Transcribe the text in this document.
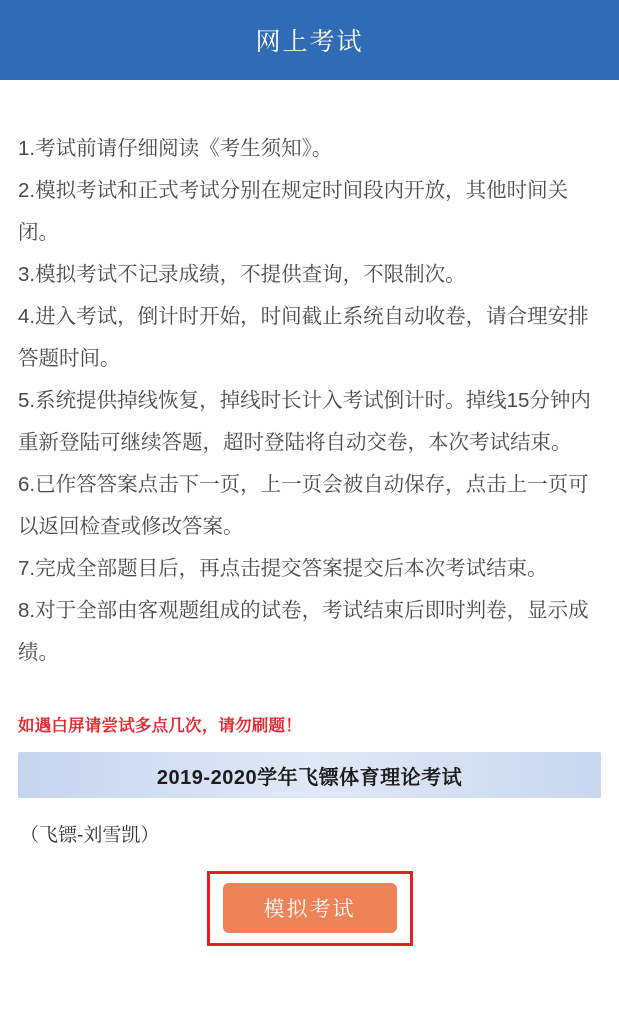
网上考试
1.考试前请仔细阅读《考生须知》。
2.模拟考试和正式考试分别在规定时间段内开放，其他时间关闭。
3.模拟考试不记录成绩，不提供查询，不限制次。
4.进入考试，倒计时开始，时间截止系统自动收卷，请合理安排答题时间。
5.系统提供掉线恢复，掉线时长计入考试倒计时。掉线15分钟内重新登陆可继续答题，超时登陆将自动交卷，本次考试结束。
6.已作答答案点击下一页，上一页会被自动保存，点击上一页可以返回检查或修改答案。
7.完成全部题目后，再点击提交答案提交后本次考试结束。
8.对于全部由客观题组成的试卷，考试结束后即时判卷，显示成绩。
如遇白屏请尝试多点几次，请勿刷题！
2019-2020学年飞镖体育理论考试
（飞镖-刘雪凯）
模拟考试
